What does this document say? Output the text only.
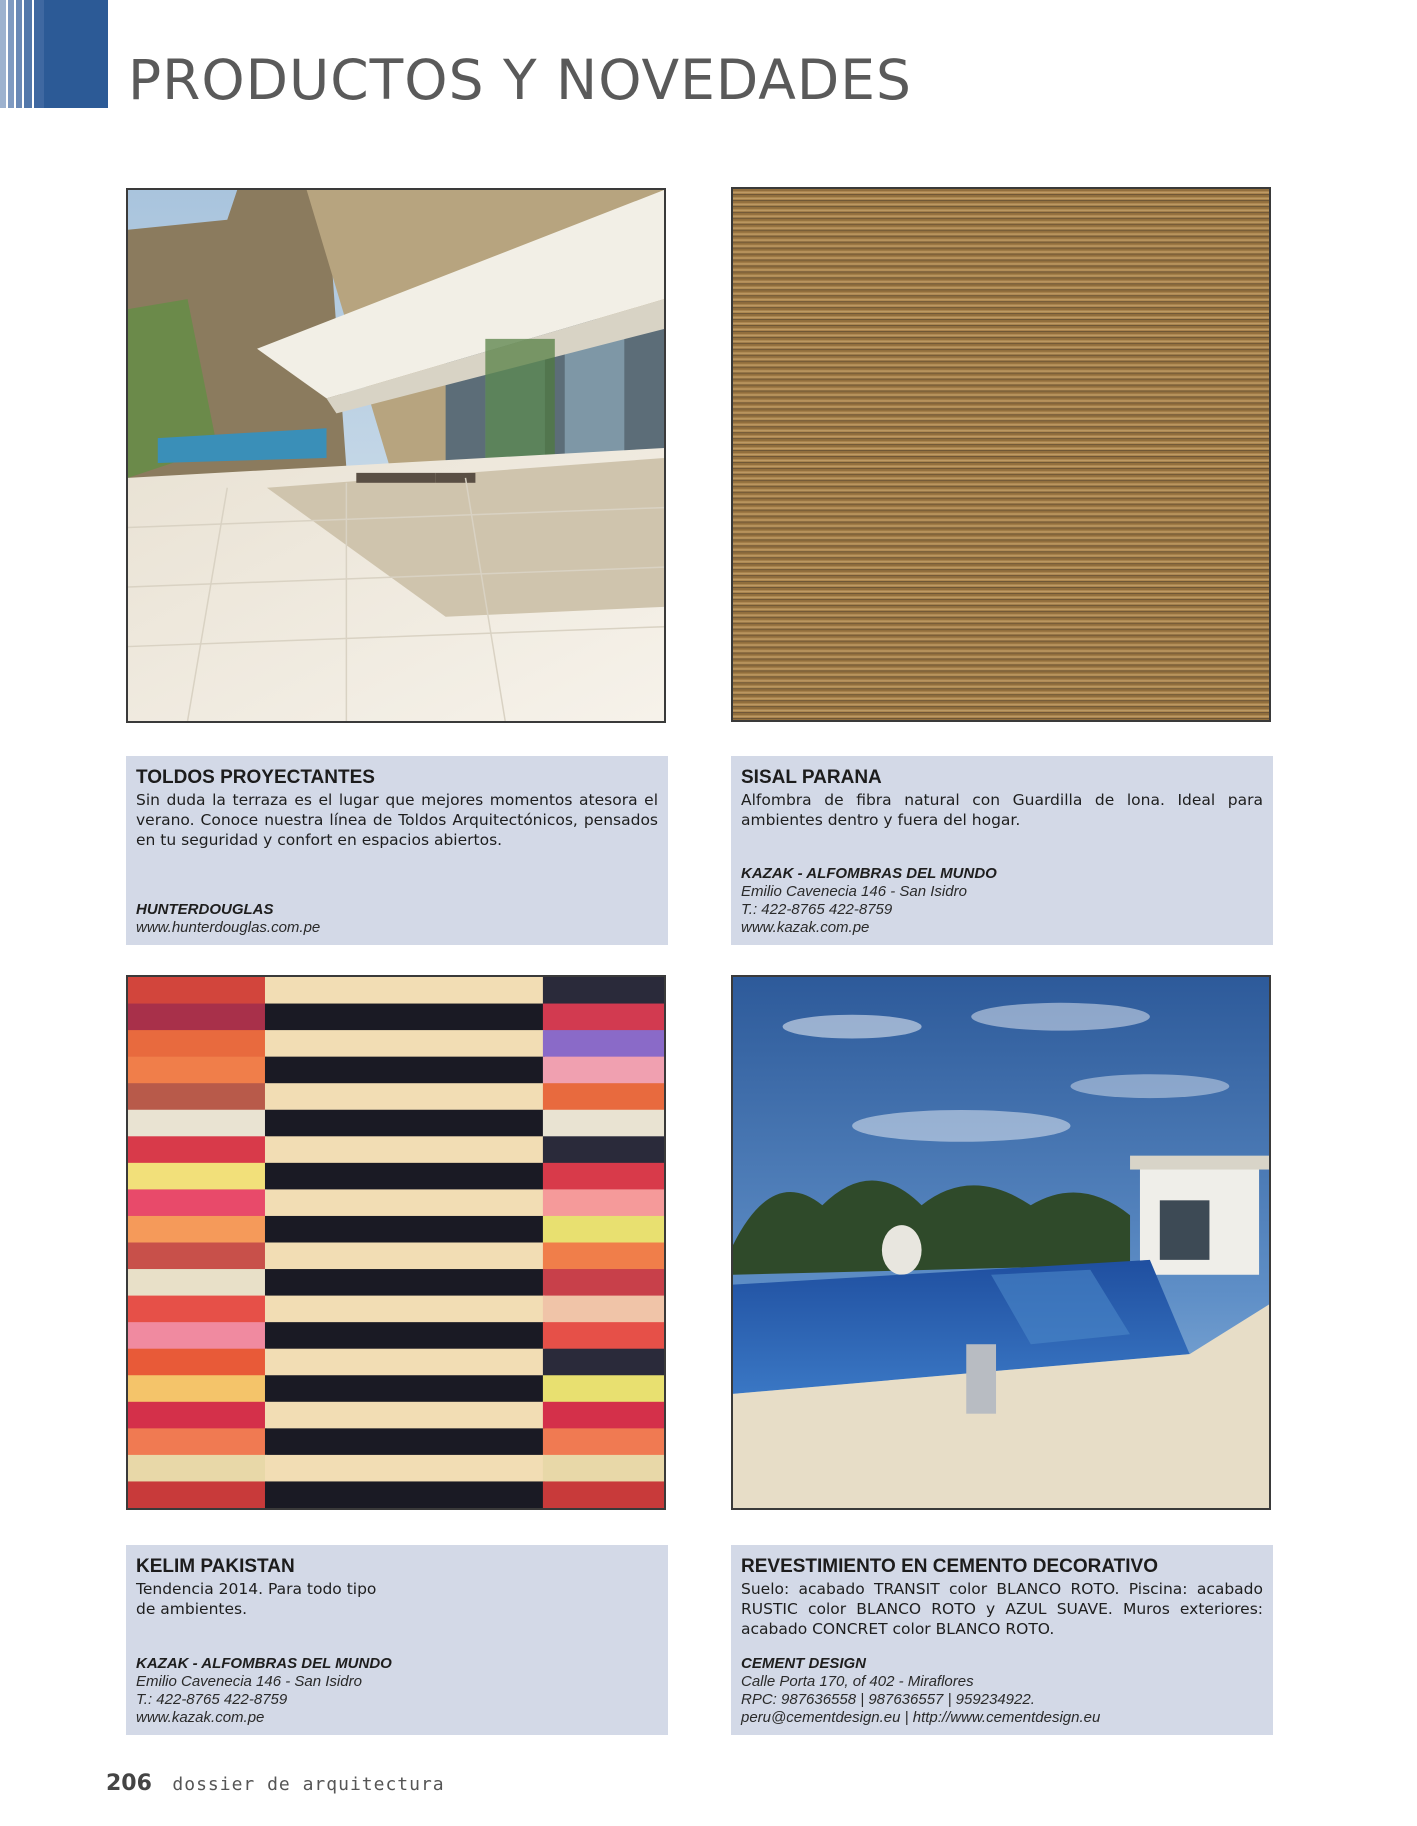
PRODUCTOS Y NOVEDADES
TOLDOS PROYECTANTES

Sin duda la terraza es el lugar que mejores momentos atesora el verano. Conoce nuestra línea de Toldos Arquitectónicos, pensados en tu seguridad y confort en espacios abiertos.

HUNTERDOUGLAS

www.hunterdouglas.com.pe

SISAL PARANA

Alfombra de fibra natural con Guardilla de lona. Ideal para ambientes dentro y fuera del hogar.

KAZAK - ALFOMBRAS DEL MUNDO

Emilio Cavenecia 146 - San Isidro

T.: 422-8765 422-8759

www.kazak.com.pe

KELIM PAKISTAN

Tendencia 2014. Para todo tipo de ambientes.

KAZAK - ALFOMBRAS DEL MUNDO

Emilio Cavenecia 146 - San Isidro

T.: 422-8765 422-8759

www.kazak.com.pe

REVESTIMIENTO EN CEMENTO DECORATIVO

Suelo: acabado TRANSIT color BLANCO ROTO. Piscina: acabado RUSTIC color BLANCO ROTO y AZUL SUAVE. Muros exteriores: acabado CONCRET color BLANCO ROTO.

CEMENT DESIGN

Calle Porta 170, of 402 - Miraflores

RPC: 987636558 | 987636557 | 959234922.

peru@cementdesign.eu | http://www.cementdesign.eu

206 dossier de arquitectura
